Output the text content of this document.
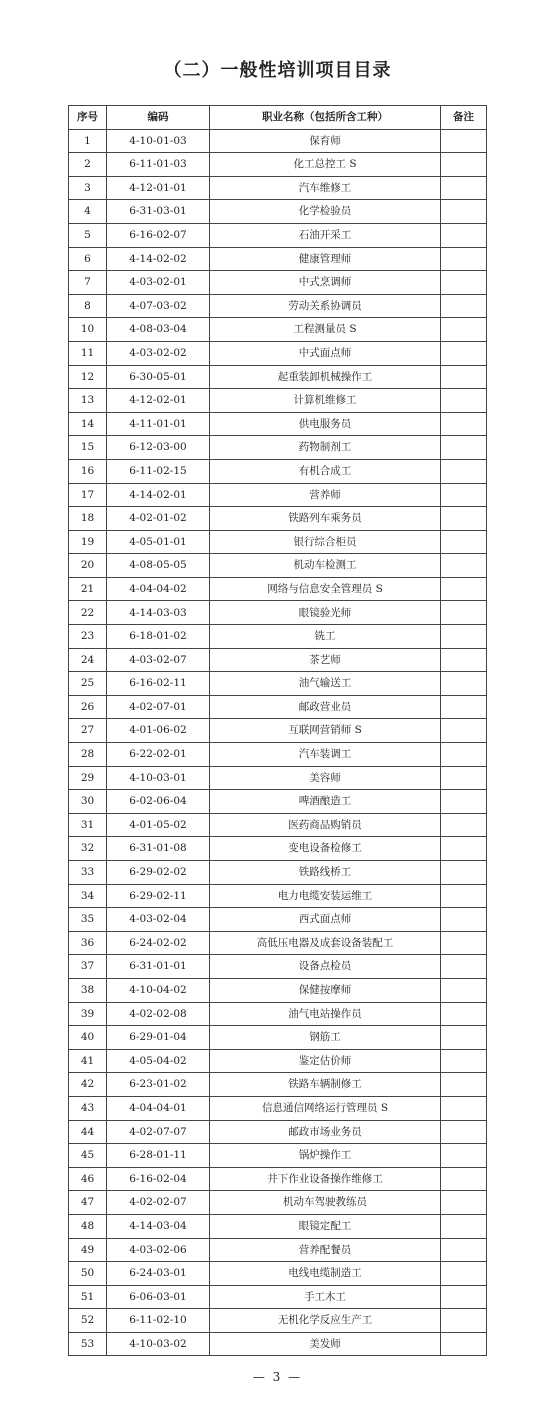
（二）一般性培训项目目录
序号	编码	职业名称（包括所含工种）	备注
1	4-10-01-03	保育师	
2	6-11-01-03	化工总控工 S	
3	4-12-01-01	汽车维修工	
4	6-31-03-01	化学检验员	
5	6-16-02-07	石油开采工	
6	4-14-02-02	健康管理师	
7	4-03-02-01	中式烹调师	
8	4-07-03-02	劳动关系协调员	
10	4-08-03-04	工程测量员 S	
11	4-03-02-02	中式面点师	
12	6-30-05-01	起重装卸机械操作工	
13	4-12-02-01	计算机维修工	
14	4-11-01-01	供电服务员	
15	6-12-03-00	药物制剂工	
16	6-11-02-15	有机合成工	
17	4-14-02-01	营养师	
18	4-02-01-02	铁路列车乘务员	
19	4-05-01-01	银行综合柜员	
20	4-08-05-05	机动车检测工	
21	4-04-04-02	网络与信息安全管理员 S	
22	4-14-03-03	眼镜验光师	
23	6-18-01-02	铣工	
24	4-03-02-07	茶艺师	
25	6-16-02-11	油气输送工	
26	4-02-07-01	邮政营业员	
27	4-01-06-02	互联网营销师 S	
28	6-22-02-01	汽车装调工	
29	4-10-03-01	美容师	
30	6-02-06-04	啤酒酿造工	
31	4-01-05-02	医药商品购销员	
32	6-31-01-08	变电设备检修工	
33	6-29-02-02	铁路线桥工	
34	6-29-02-11	电力电缆安装运维工	
35	4-03-02-04	西式面点师	
36	6-24-02-02	高低压电器及成套设备装配工	
37	6-31-01-01	设备点检员	
38	4-10-04-02	保健按摩师	
39	4-02-02-08	油气电站操作员	
40	6-29-01-04	钢筋工	
41	4-05-04-02	鉴定估价师	
42	6-23-01-02	铁路车辆制修工	
43	4-04-04-01	信息通信网络运行管理员 S	
44	4-02-07-07	邮政市场业务员	
45	6-28-01-11	锅炉操作工	
46	6-16-02-04	井下作业设备操作维修工	
47	4-02-02-07	机动车驾驶教练员	
48	4-14-03-04	眼镜定配工	
49	4-03-02-06	营养配餐员	
50	6-24-03-01	电线电缆制造工	
51	6-06-03-01	手工木工	
52	6-11-02-10	无机化学反应生产工	
53	4-10-03-02	美发师	
— 3 —
